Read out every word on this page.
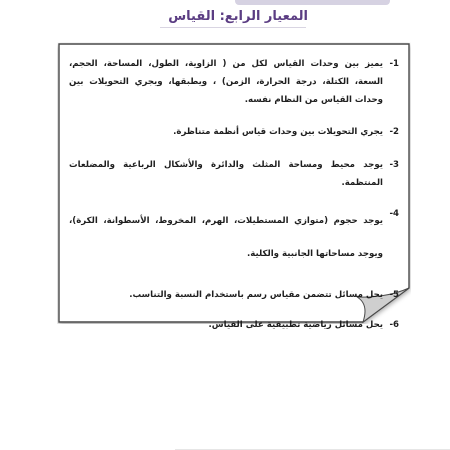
المعيار الرابع: القياس
1-
يميز بين وحدات القياس لكل من ( الزاوية، الطول، المساحة، الحجم، السعة، الكتلة، درجة الحرارة، الزمن) ، ويطبقها، ويجري التحويلات بين وحدات القياس من النظام نفسه.
2-
يجري التحويلات بين وحدات قياس أنظمة متناظرة.
3-
يوجد محيط ومساحة المثلث والدائرة والأشكال الرباعية والمضلعات المنتظمة.
4-
يوجد حجوم (متوازي المستطيلات، الهرم، المخروط، الأسطوانة، الكرة)، ويوجد مساحاتها الجانبية والكلية.
5-
يحل مسائل تتضمن مقياس رسم باستخدام النسبة والتناسب.
6-
يحل مسائل رياضية تطبيقية على القياس.
